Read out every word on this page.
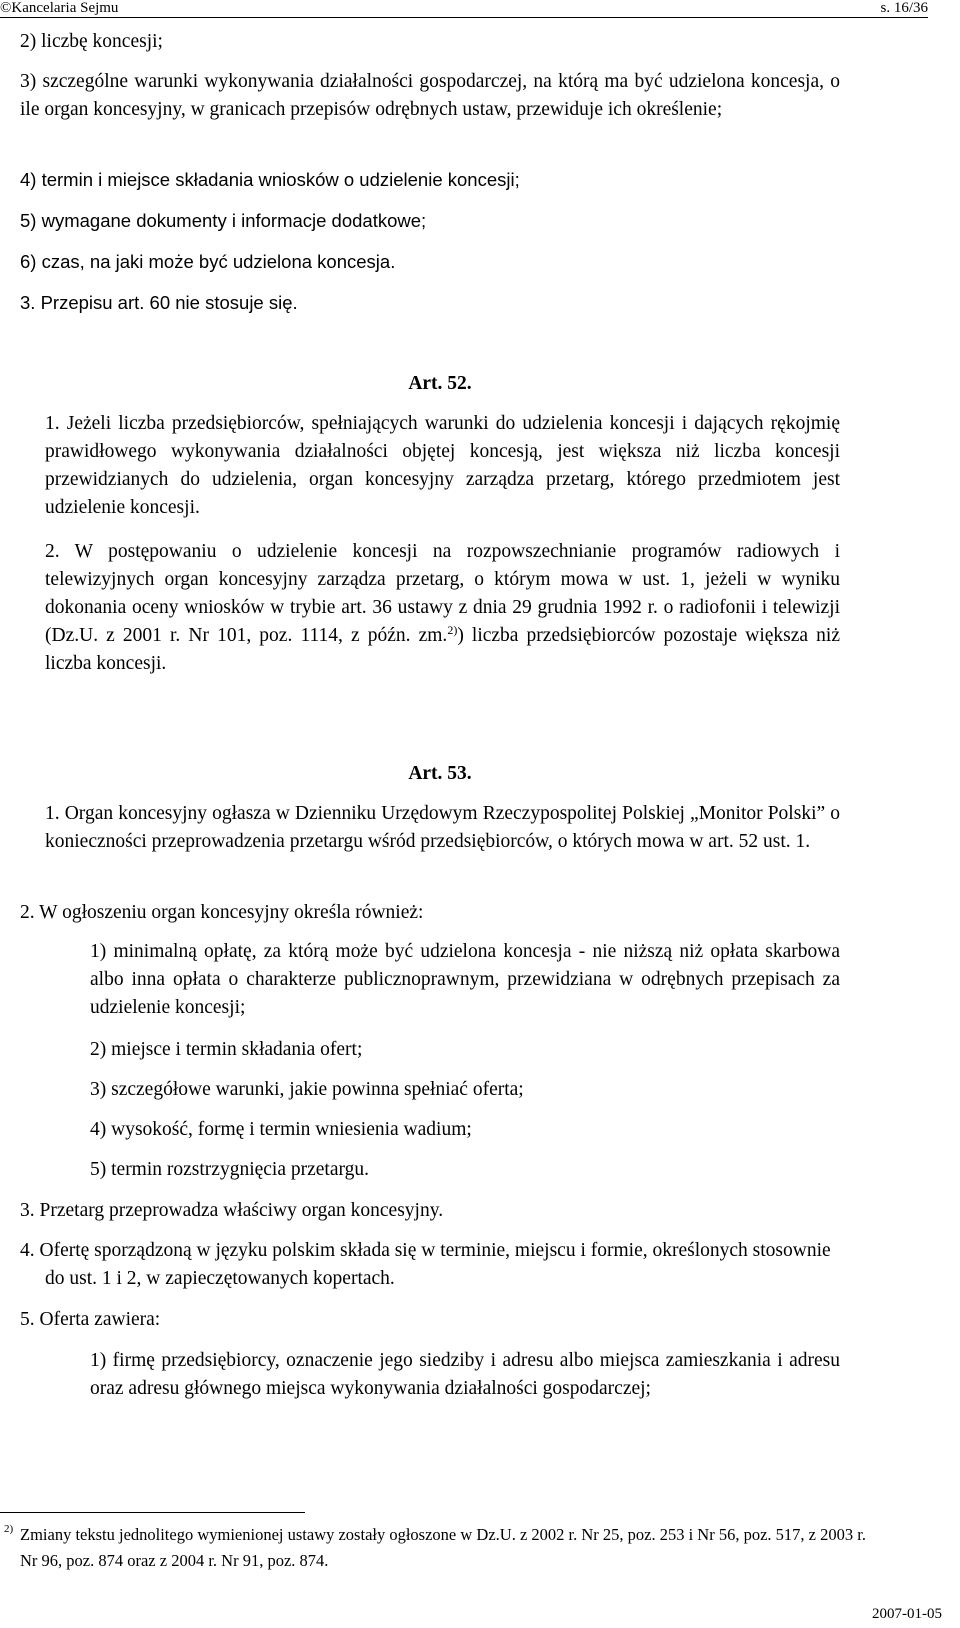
©Kancelaria Sejmu	s. 16/36
2) liczbę koncesji;
3) szczególne warunki wykonywania działalności gospodarczej, na którą ma być udzielona koncesja, o ile organ koncesyjny, w granicach przepisów odrębnych ustaw, przewiduje ich określenie;
4) termin i miejsce składania wniosków o udzielenie koncesji;
5) wymagane dokumenty i informacje dodatkowe;
6) czas, na jaki może być udzielona koncesja.
3. Przepisu art. 60 nie stosuje się.
Art. 52.
1. Jeżeli liczba przedsiębiorców, spełniających warunki do udzielenia koncesji i dających rękojmię prawidłowego wykonywania działalności objętej koncesją, jest większa niż liczba koncesji przewidzianych do udzielenia, organ koncesyjny zarządza przetarg, którego przedmiotem jest udzielenie koncesji.
2. W postępowaniu o udzielenie koncesji na rozpowszechnianie programów radiowych i telewizyjnych organ koncesyjny zarządza przetarg, o którym mowa w ust. 1, jeżeli w wyniku dokonania oceny wniosków w trybie art. 36 ustawy z dnia 29 grudnia 1992 r. o radiofonii i telewizji (Dz.U. z 2001 r. Nr 101, poz. 1114, z późn. zm.$^{2)}$) liczba przedsiębiorców pozostaje większa niż liczba koncesji.
Art. 53.
1. Organ koncesyjny ogłasza w Dzienniku Urzędowym Rzeczypospolitej Polskiej „Monitor Polski” o konieczności przeprowadzenia przetargu wśród przedsiębiorców, o których mowa w art. 52 ust. 1.
2. W ogłoszeniu organ koncesyjny określa również:
1) minimalną opłatę, za którą może być udzielona koncesja - nie niższą niż opłata skarbowa albo inna opłata o charakterze publicznoprawnym, przewidziana w odrębnych przepisach za udzielenie koncesji;
2) miejsce i termin składania ofert;
3) szczegółowe warunki, jakie powinna spełniać oferta;
4) wysokość, formę i termin wniesienia wadium;
5) termin rozstrzygnięcia przetargu.
3. Przetarg przeprowadza właściwy organ koncesyjny.
4. Ofertę sporządzoną w języku polskim składa się w terminie, miejscu i formie, określonych stosownie do ust. 1 i 2, w zapieczętowanych kopertach.
5. Oferta zawiera:
1) firmę przedsiębiorcy, oznaczenie jego siedziby i adresu albo miejsca zamieszkania i adresu oraz adresu głównego miejsca wykonywania działalności gospodarczej;
2) Zmiany tekstu jednolitego wymienionej ustawy zostały ogłoszone w Dz.U. z 2002 r. Nr 25, poz. 253 i Nr 56, poz. 517, z 2003 r. Nr 96, poz. 874 oraz z 2004 r. Nr 91, poz. 874.
2007-01-05
